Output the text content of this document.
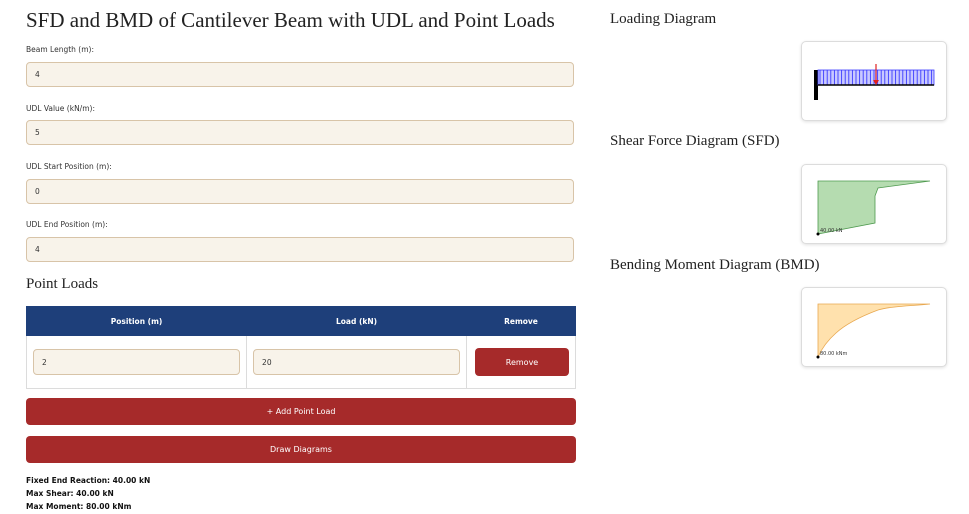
SFD and BMD of Cantilever Beam with UDL and Point Loads
Beam Length (m):
4
UDL Value (kN/m):
5
UDL Start Position (m):
0
UDL End Position (m):
4
Point Loads
Position (m)	Load (kN)	Remove
2	20	Remove
+ Add Point Load
Draw Diagrams
Fixed End Reaction: 40.00 kN
Max Shear: 40.00 kN
Max Moment: 80.00 kNm
Loading Diagram
Shear Force Diagram (SFD)
40.00 kN
Bending Moment Diagram (BMD)
80.00 kNm
